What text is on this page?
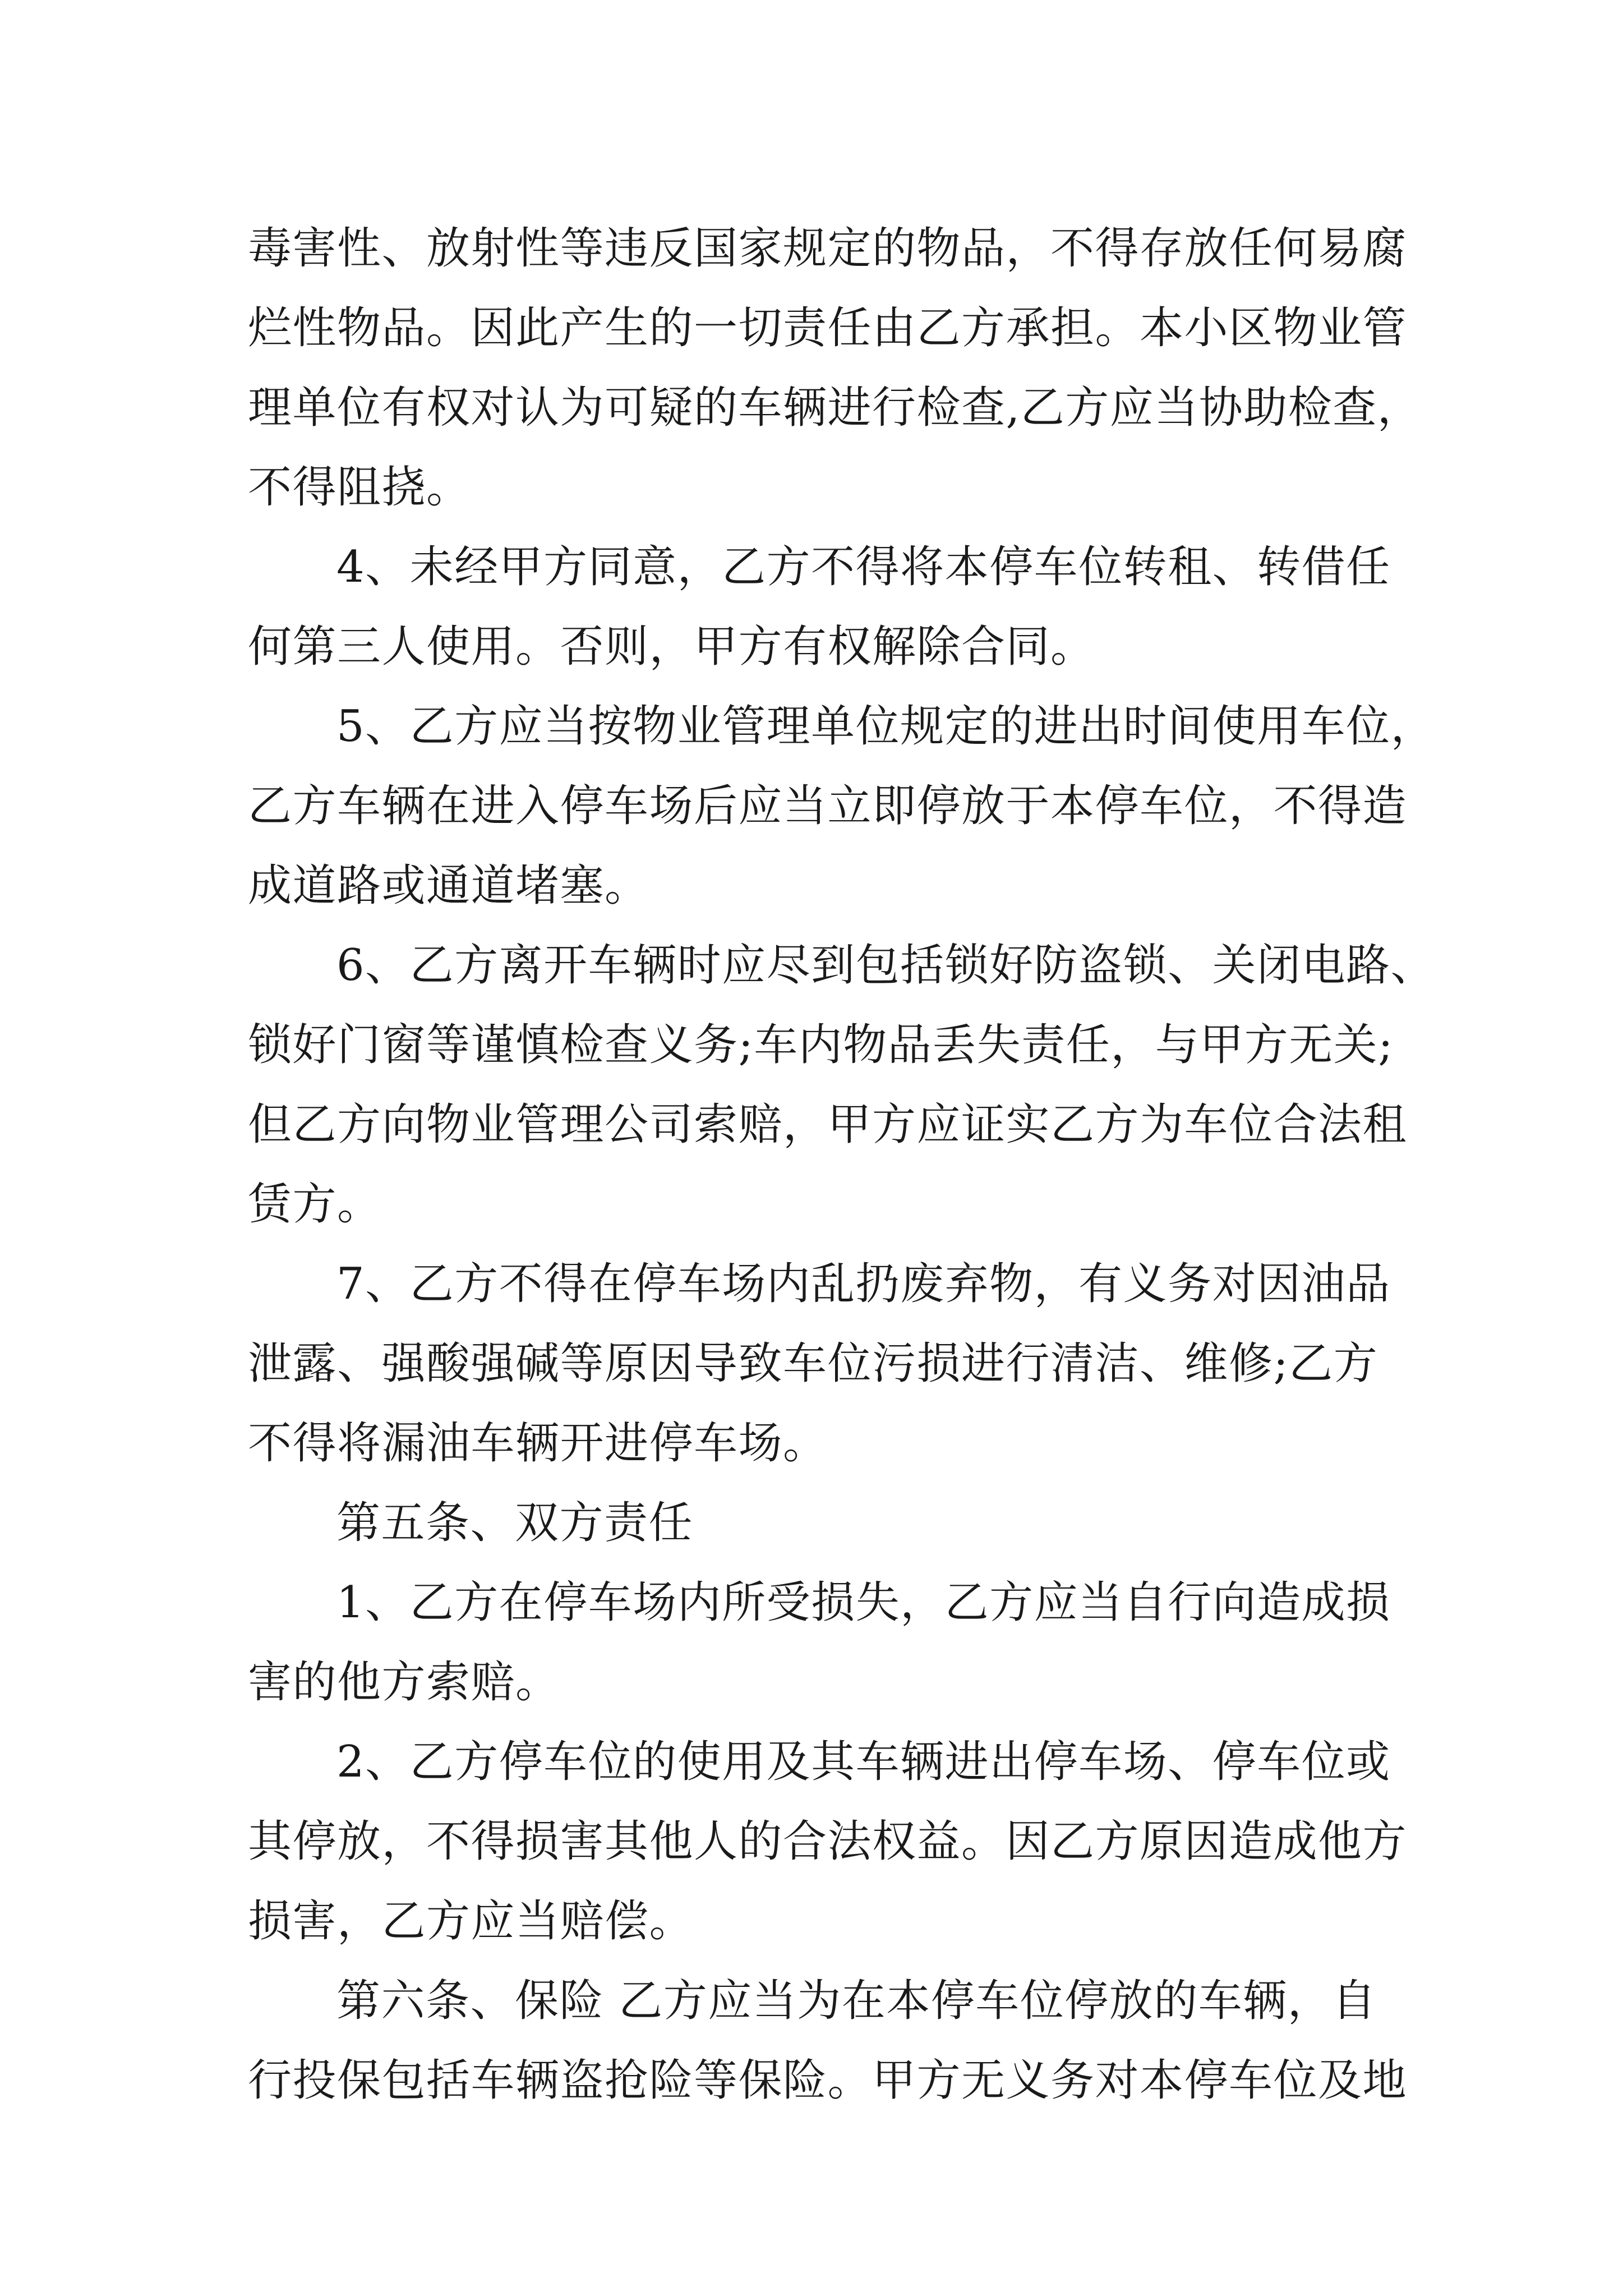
毒害性、放射性等违反国家规定的物品，不得存放任何易腐
烂性物品。因此产生的一切责任由乙方承担。本小区物业管
理单位有权对认为可疑的车辆进行检查,乙方应当协助检查，
不得阻挠。
4、未经甲方同意，乙方不得将本停车位转租、转借任
何第三人使用。否则，甲方有权解除合同。
5、乙方应当按物业管理单位规定的进出时间使用车位，
乙方车辆在进入停车场后应当立即停放于本停车位，不得造
成道路或通道堵塞。
6、乙方离开车辆时应尽到包括锁好防盗锁、关闭电路、
锁好门窗等谨慎检查义务;车内物品丢失责任，与甲方无关;
但乙方向物业管理公司索赔，甲方应证实乙方为车位合法租
赁方。
7、乙方不得在停车场内乱扔废弃物，有义务对因油品
泄露、强酸强碱等原因导致车位污损进行清洁、维修;乙方
不得将漏油车辆开进停车场。
第五条、双方责任
1、乙方在停车场内所受损失，乙方应当自行向造成损
害的他方索赔。
2、乙方停车位的使用及其车辆进出停车场、停车位或
其停放，不得损害其他人的合法权益。因乙方原因造成他方
损害，乙方应当赔偿。
第六条、保险 乙方应当为在本停车位停放的车辆，自
行投保包括车辆盗抢险等保险。甲方无义务对本停车位及地
